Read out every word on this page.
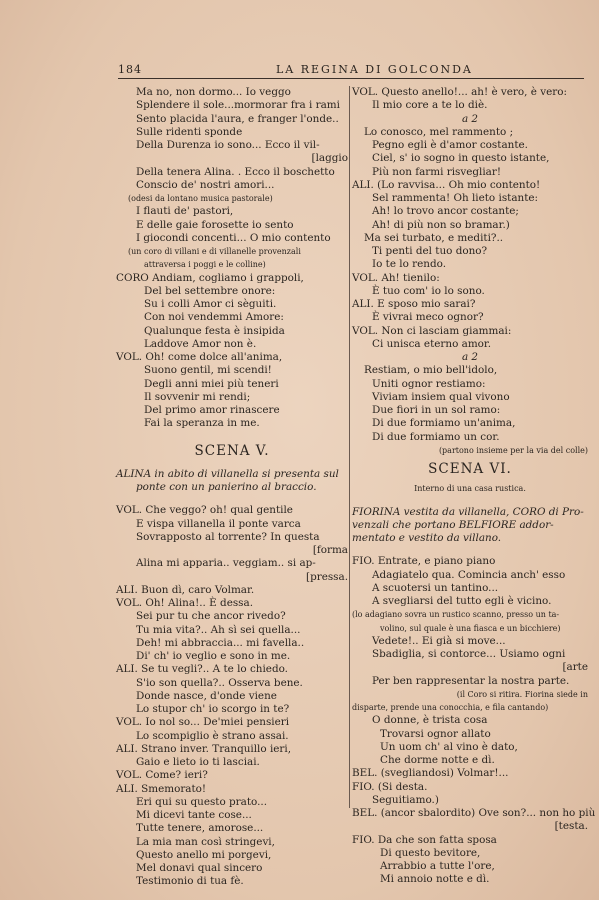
184	LA REGINA DI GOLCONDA
Ma no, non dormo... Io veggo
Splendere il sole...mormorar fra i rami
Sento placida l'aura, e franger l'onde..
Sulle ridenti sponde
Della Durenza io sono... Ecco il vil-
[laggio
Della tenera Alina. . Ecco il boschetto
Conscio de' nostri amori...
(odesi da lontano musica pastorale)
I flauti de' pastori,
E delle gaie forosette io sento
I giocondi concenti... O mio contento
(un coro di villani e di villanelle provenzali
attraversa i poggi e le colline)
CORO Andiam, cogliamo i grappoli,
Del bel settembre onore:
Su i colli Amor ci sèguiti.
Con noi vendemmi Amore:
Qualunque festa è insipida
Laddove Amor non è.
VOL. Oh! come dolce all'anima,
Suono gentil, mi scendi!
Degli anni miei più teneri
Il sovvenir mi rendi;
Del primo amor rinascere
Fai la speranza in me.
SCENA V.
ALINA in abito di villanella si presenta sul
ponte con un panierino al braccio.
VOL. Che veggo? oh! qual gentile
E vispa villanella il ponte varca
Sovrapposto al torrente? In questa
[forma
Alina mi apparia.. veggiam.. si ap-
[pressa.
ALI. Buon dì, caro Volmar.
VOL. Oh! Alina!.. È dessa.
Sei pur tu che ancor rivedo?
Tu mia vita?.. Ah sì sei quella...
Deh! mi abbraccia... mi favella..
Di' ch' io veglio e sono in me.
ALI. Se tu vegli?.. A te lo chiedo.
S'io son quella?.. Osserva bene.
Donde nasce, d'onde viene
Lo stupor ch' io scorgo in te?
VOL. Io nol so... De'miei pensieri
Lo scompiglio è strano assai.
ALI. Strano inver. Tranquillo ieri,
Gaio e lieto io ti lasciai.
VOL. Come? ieri?
ALI. Smemorato!
Eri qui su questo prato...
Mi dicevi tante cose...
Tutte tenere, amorose...
La mia man così stringevi,
Questo anello mi porgevi,
Mel donavi qual sincero
Testimonio di tua fè.
VOL. Questo anello!... ah! è vero, è vero:
Il mio core a te lo diè.
a 2
Lo conosco, mel rammento ;
Pegno egli è d'amor costante.
Ciel, s' io sogno in questo istante,
Più non farmi risvegliar!
ALI. (Lo ravvisa... Oh mio contento!
Sel rammenta! Oh lieto istante:
Ah! lo trovo ancor costante;
Ah! di più non so bramar.)
Ma sei turbato, e mediti?..
Ti penti del tuo dono?
Io te lo rendo.
VOL. Ah! tienilo:
È tuo com' io lo sono.
ALI. E sposo mio sarai?
È vivrai meco ognor?
VOL. Non ci lasciam giammai:
Ci unisca eterno amor.
a 2
Restiam, o mio bell'idolo,
Uniti ognor restiamo:
Viviam insiem qual vivono
Due fiori in un sol ramo:
Di due formiamo un'anima,
Di due formiamo un cor.
(partono insieme per la via del colle)
SCENA VI.
Interno di una casa rustica.
FIORINA vestita da villanella, CORO di Pro-
venzali che portano BELFIORE addor-
mentato e vestito da villano.
FIO. Entrate, e piano piano
Adagiatelo qua. Comincia anch' esso
A scuotersi un tantino...
A svegliarsi del tutto egli è vicino.
(lo adagiano sovra un rustico scanno, presso un ta-
volino, sul quale è una fiasca e un bicchiere)
Vedete!.. Ei già si move...
Sbadiglia, si contorce... Usiamo ogni
[arte
Per ben rappresentar la nostra parte.
(il Coro si ritira. Fiorina siede in
disparte, prende una conocchia, e fila cantando)
O donne, è trista cosa
Trovarsi ognor allato
Un uom ch' al vino è dato,
Che dorme notte e dì.
BEL. (svegliandosi) Volmar!...
FIO. (Si desta.
Seguitiamo.)
BEL. (ancor sbalordito) Ove son?... non ho più
[testa.
FIO. Da che son fatta sposa
Di questo bevitore,
Arrabbio a tutte l'ore,
Mi annoio notte e dì.
